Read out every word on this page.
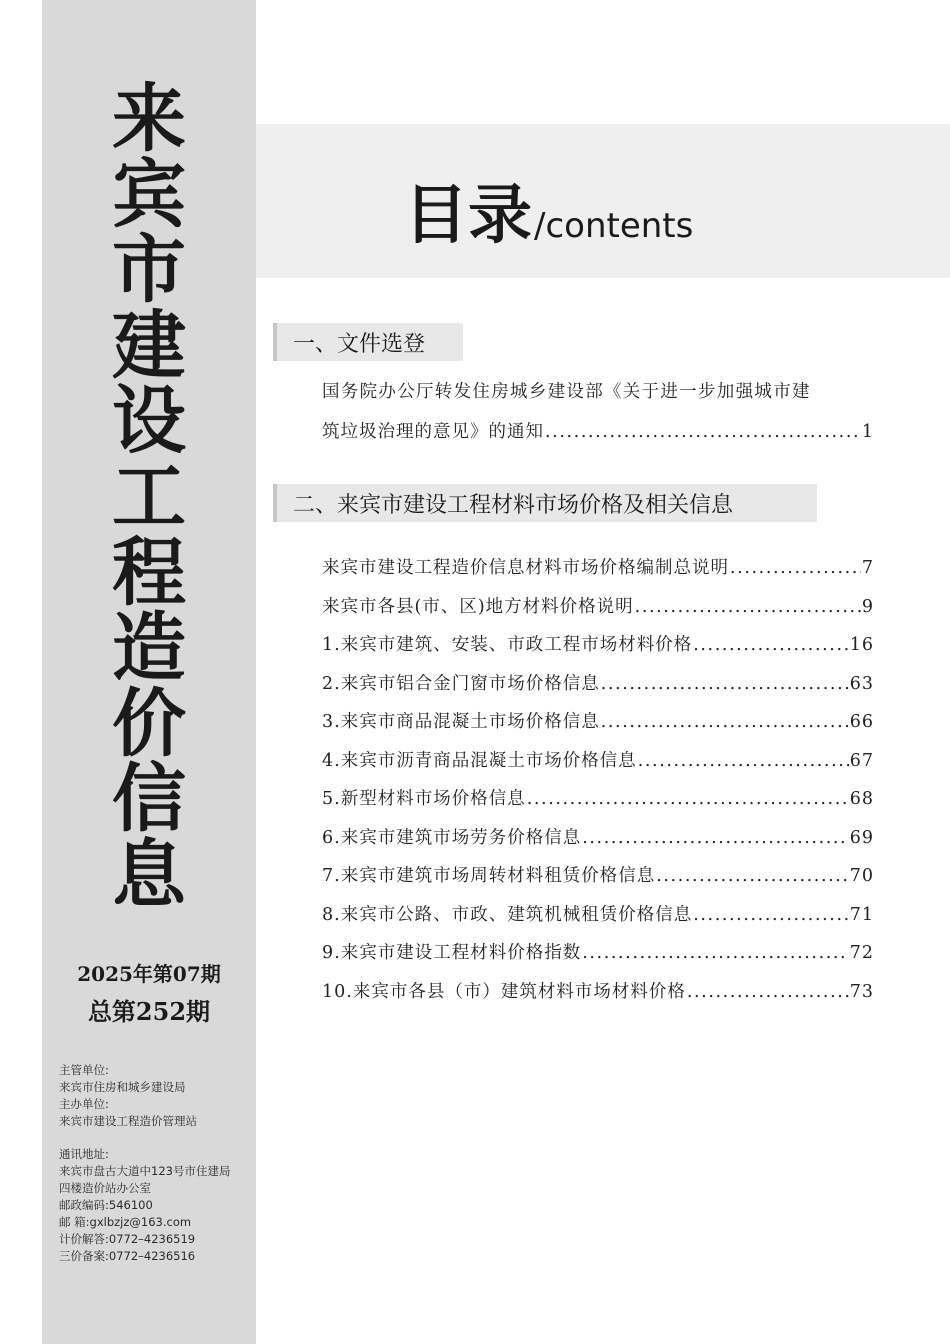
来
宾
市
建
设
工
程
造
价
信
息
2025年第07期
总第252期
主管单位:
来宾市住房和城乡建设局
主办单位:
来宾市建设工程造价管理站
通讯地址:
来宾市盘古大道中123号市住建局
四楼造价站办公室
邮政编码:546100
邮 箱:gxlbzjz@163.com
计价解答:0772–4236519
三价备案:0772–4236516
目录/contents
一、文件选登
国务院办公厅转发住房城乡建设部《关于进一步加强城市建
筑垃圾治理的意见》的通知 .....	1
二、来宾市建设工程材料市场价格及相关信息
来宾市建设工程造价信息材料市场价格编制总说明 .....	7
来宾市各县(市、区)地方材料价格说明 .....	9
1.来宾市建筑、安装、市政工程市场材料价格 .....	16
2.来宾市铝合金门窗市场价格信息 .....	63
3.来宾市商品混凝土市场价格信息 .....	66
4.来宾市沥青商品混凝土市场价格信息 .....	67
5.新型材料市场价格信息 .....	68
6.来宾市建筑市场劳务价格信息 .....	69
7.来宾市建筑市场周转材料租赁价格信息 .....	70
8.来宾市公路、市政、建筑机械租赁价格信息 .....	71
9.来宾市建设工程材料价格指数 .....	72
10.来宾市各县（市）建筑材料市场材料价格 .....	73
